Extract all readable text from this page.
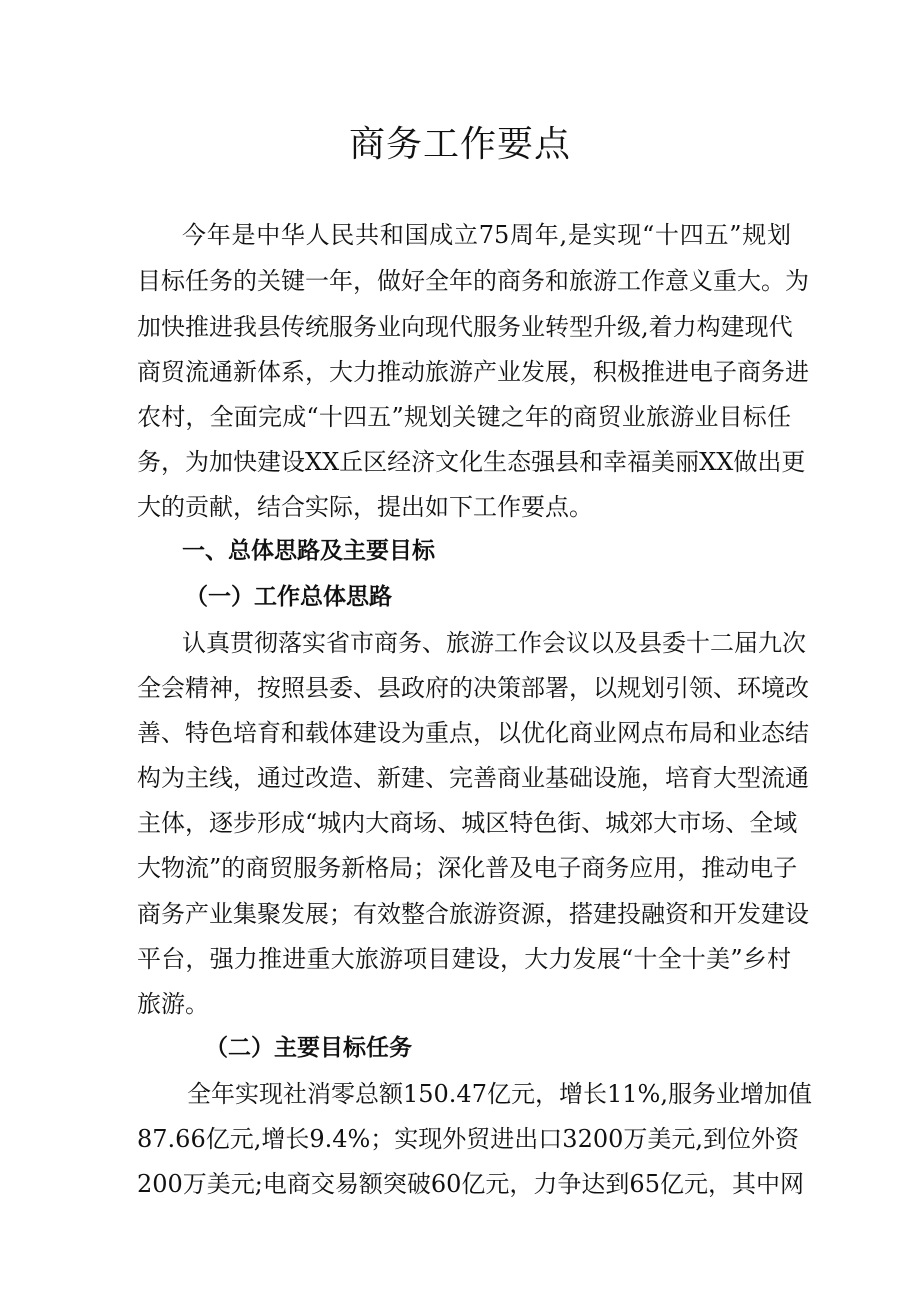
商务工作要点

今年是中华人民共和国成立75周年,是实现“十四五”规划

目标任务的关键一年，做好全年的商务和旅游工作意义重大。为

加快推进我县传统服务业向现代服务业转型升级,着力构建现代

商贸流通新体系，大力推动旅游产业发展，积极推进电子商务进

农村，全面完成“十四五”规划关键之年的商贸业旅游业目标任

务，为加快建设XX丘区经济文化生态强县和幸福美丽XX做出更

大的贡献，结合实际，提出如下工作要点。

一、总体思路及主要目标

（一）工作总体思路

认真贯彻落实省市商务、旅游工作会议以及县委十二届九次

全会精神，按照县委、县政府的决策部署，以规划引领、环境改

善、特色培育和载体建设为重点，以优化商业网点布局和业态结

构为主线，通过改造、新建、完善商业基础设施，培育大型流通

主体，逐步形成“城内大商场、城区特色街、城郊大市场、全域

大物流”的商贸服务新格局；深化普及电子商务应用，推动电子

商务产业集聚发展；有效整合旅游资源，搭建投融资和开发建设

平台，强力推进重大旅游项目建设，大力发展“十全十美”乡村

旅游。

（二）主要目标任务

全年实现社消零总额150.47亿元，增长11%,服务业增加值

87.66亿元,增长9.4%；实现外贸进出口3200万美元,到位外资

200万美元;电商交易额突破60亿元，力争达到65亿元，其中网
